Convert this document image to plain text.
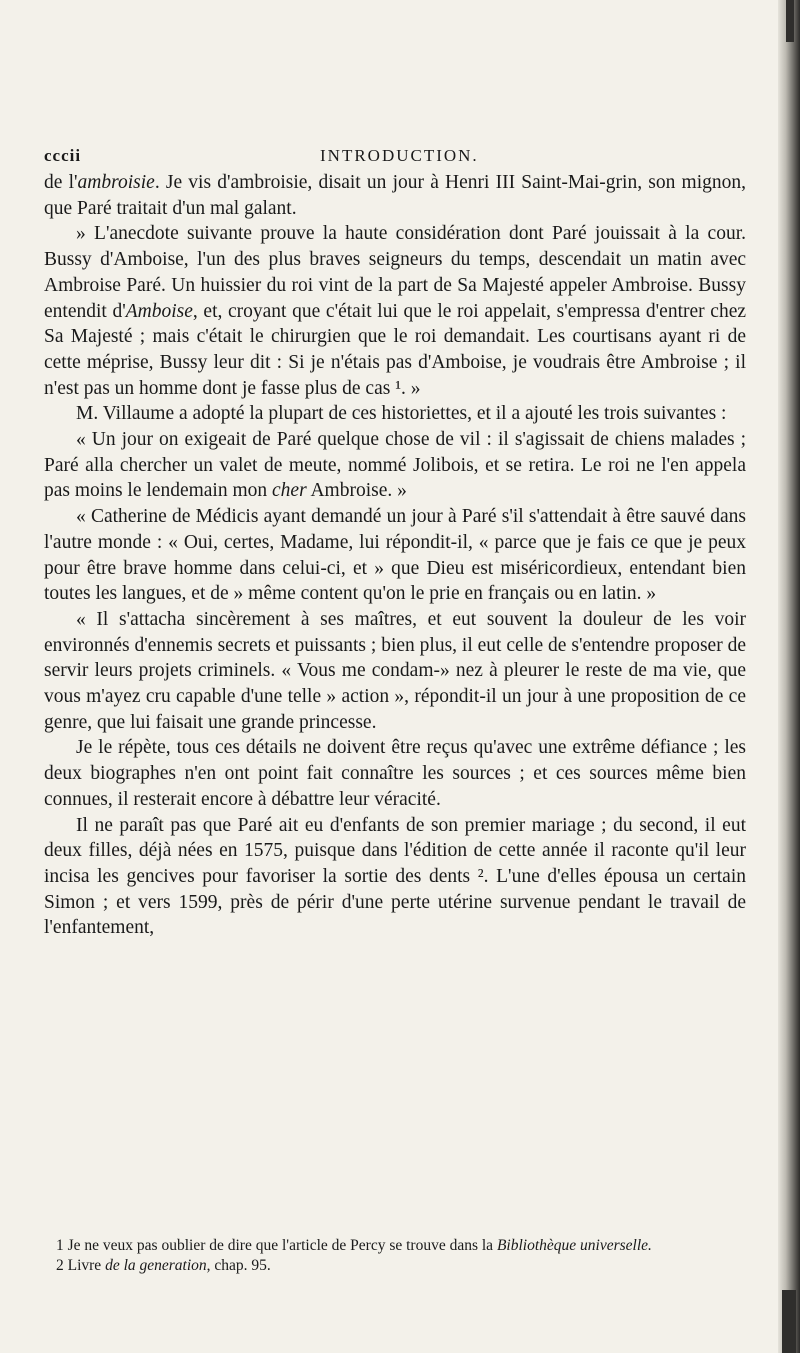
cccii	INTRODUCTION.

de l'ambroisie. Je vis d'ambroisie, disait un jour à Henri III Saint-Mai-grin, son mignon, que Paré traitait d'un mal galant.

» L'anecdote suivante prouve la haute considération dont Paré jouissait à la cour. Bussy d'Amboise, l'un des plus braves seigneurs du temps, descendait un matin avec Ambroise Paré. Un huissier du roi vint de la part de Sa Majesté appeler Ambroise. Bussy entendit d'Amboise, et, croyant que c'était lui que le roi appelait, s'empressa d'entrer chez Sa Majesté ; mais c'était le chirurgien que le roi demandait. Les courtisans ayant ri de cette méprise, Bussy leur dit : Si je n'étais pas d'Amboise, je voudrais être Ambroise ; il n'est pas un homme dont je fasse plus de cas ¹. »

M. Villaume a adopté la plupart de ces historiettes, et il a ajouté les trois suivantes :

« Un jour on exigeait de Paré quelque chose de vil : il s'agissait de chiens malades ; Paré alla chercher un valet de meute, nommé Jolibois, et se retira. Le roi ne l'en appela pas moins le lendemain mon cher Ambroise. »

« Catherine de Médicis ayant demandé un jour à Paré s'il s'attendait à être sauvé dans l'autre monde : « Oui, certes, Madame, lui répondit-il, « parce que je fais ce que je peux pour être brave homme dans celui-ci, et » que Dieu est miséricordieux, entendant bien toutes les langues, et de » même content qu'on le prie en français ou en latin. »

« Il s'attacha sincèrement à ses maîtres, et eut souvent la douleur de les voir environnés d'ennemis secrets et puissants ; bien plus, il eut celle de s'entendre proposer de servir leurs projets criminels. « Vous me condam-» nez à pleurer le reste de ma vie, que vous m'ayez cru capable d'une telle » action », répondit-il un jour à une proposition de ce genre, que lui faisait une grande princesse.

Je le répète, tous ces détails ne doivent être reçus qu'avec une extrême défiance ; les deux biographes n'en ont point fait connaître les sources ; et ces sources même bien connues, il resterait encore à débattre leur véracité.

Il ne paraît pas que Paré ait eu d'enfants de son premier mariage ; du second, il eut deux filles, déjà nées en 1575, puisque dans l'édition de cette année il raconte qu'il leur incisa les gencives pour favoriser la sortie des dents ². L'une d'elles épousa un certain Simon ; et vers 1599, près de périr d'une perte utérine survenue pendant le travail de l'enfantement,

1 Je ne veux pas oublier de dire que l'article de Percy se trouve dans la Bibliothèque universelle.

2 Livre de la generation, chap. 95.
